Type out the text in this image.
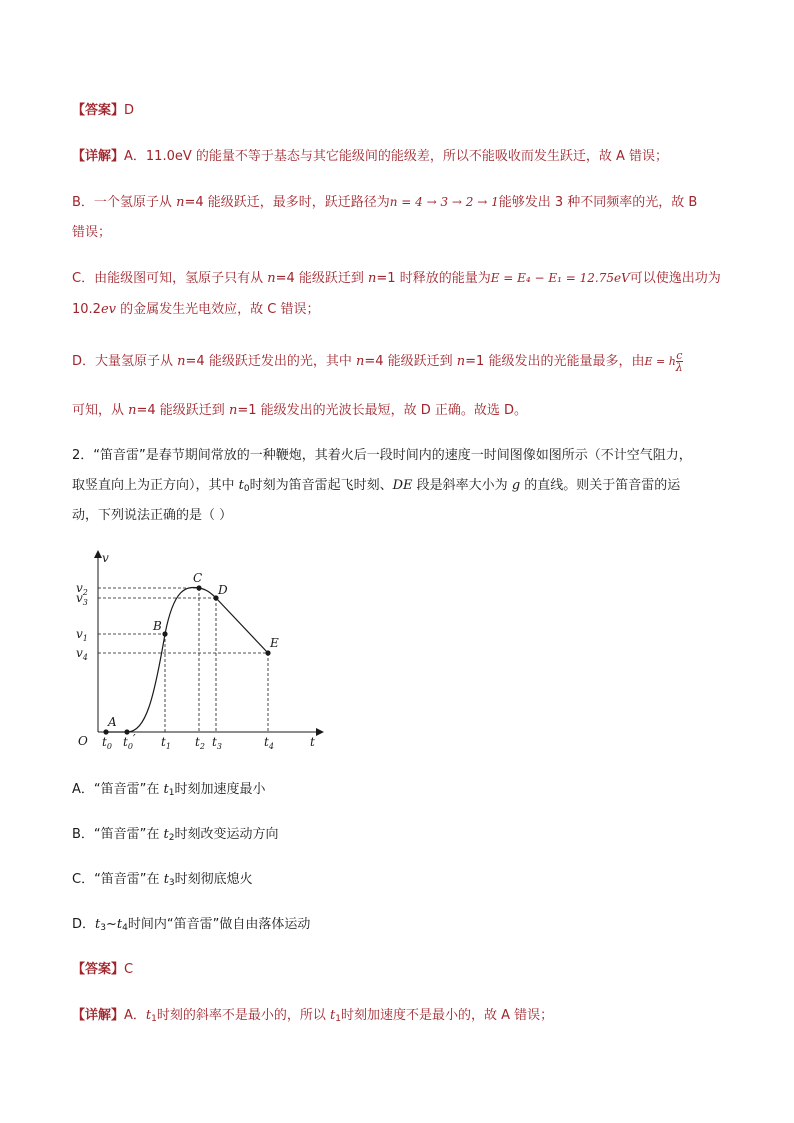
【答案】D
【详解】A．11.0eV 的能量不等于基态与其它能级间的能级差，所以不能吸收而发生跃迁，故 A 错误；
B．一个氢原子从 n=4 能级跃迁，最多时，跃迁路径为n = 4 → 3 → 2 → 1能够发出 3 种不同频率的光，故 B
错误；
C．由能级图可知，氢原子只有从 n=4 能级跃迁到 n=1 时释放的能量为E = E₄ − E₁ = 12.75eV可以使逸出功为
10.2ev 的金属发生光电效应，故 C 错误；
D．大量氢原子从 n=4 能级跃迁发出的光，其中 n=4 能级跃迁到 n=1 能级发出的光能量最多，由E = h $\frac{c}{\lambda}$
可知，从 n=4 能级跃迁到 n=1 能级发出的光波长最短，故 D 正确。故选 D。
2．“笛音雷”是春节期间常放的一种鞭炮，其着火后一段时间内的速度一时间图像如图所示（不计空气阻力，
取竖直向上为正方向），其中 $t_0$时刻为笛音雷起飞时刻、DE 段是斜率大小为 g 的直线。则关于笛音雷的运
动，下列说法正确的是（ ）
A
B
C
D
E
$t_0$ $t_0'$ $t_1$ $t_2$ $t_3$	$t_4$
$v_2$
$v_3$
$v_1$
$v_4$
v
t
O
A．“笛音雷”在 $t_1$时刻加速度最小
B．“笛音雷”在 $t_2$时刻改变运动方向
C．“笛音雷”在 $t_3$时刻彻底熄火
D．$t_3\sim t_4$时间内“笛音雷”做自由落体运动
【答案】C
【详解】A．$t_1$时刻的斜率不是最小的，所以 $t_1$时刻加速度不是最小的，故 A 错误；
